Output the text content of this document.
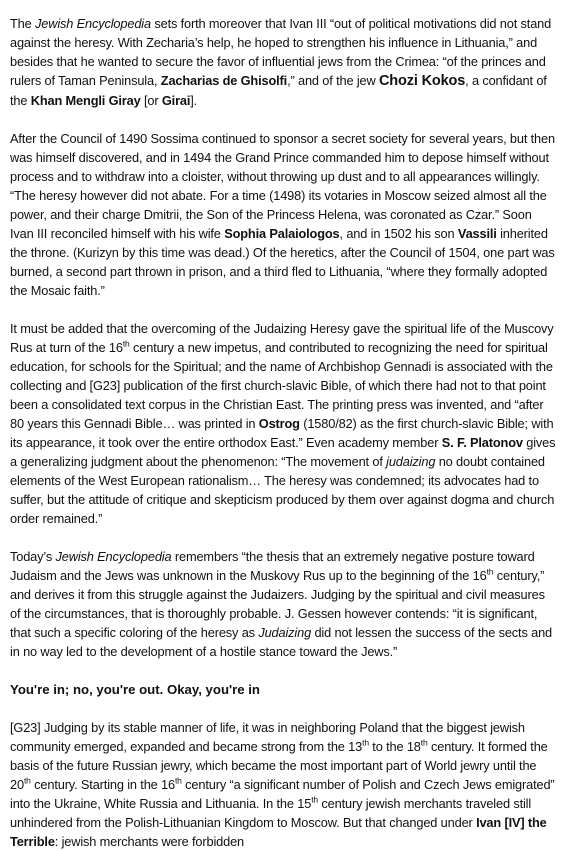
The Jewish Encyclopedia sets forth moreover that Ivan III “out of political motivations did not stand against the heresy. With Zecharia’s help, he hoped to strengthen his influence in Lithuania,” and besides that he wanted to secure the favor of influential jews from the Crimea: “of the princes and rulers of Taman Peninsula, Zacharias de Ghisolfi,” and of the jew Chozi Kokos, a confidant of the Khan Mengli Giray [or Girai].

After the Council of 1490 Sossima continued to sponsor a secret society for several years, but then was himself discovered, and in 1494 the Grand Prince commanded him to depose himself without process and to withdraw into a cloister, without throwing up dust and to all appearances willingly. “The heresy however did not abate. For a time (1498) its votaries in Moscow seized almost all the power, and their charge Dmitrii, the Son of the Princess Helena, was coronated as Czar.” Soon Ivan III reconciled himself with his wife Sophia Palaiologos, and in 1502 his son Vassili inherited the throne. (Kurizyn by this time was dead.) Of the heretics, after the Council of 1504, one part was burned, a second part thrown in prison, and a third fled to Lithuania, “where they formally adopted the Mosaic faith.”

It must be added that the overcoming of the Judaizing Heresy gave the spiritual life of the Muscovy Rus at turn of the 16th century a new impetus, and contributed to recognizing the need for spiritual education, for schools for the Spiritual; and the name of Archbishop Gennadi is associated with the collecting and [G23] publication of the first church-slavic Bible, of which there had not to that point been a consolidated text corpus in the Christian East. The printing press was invented, and “after 80 years this Gennadi Bible… was printed in Ostrog (1580/82) as the first church-slavic Bible; with its appearance, it took over the entire orthodox East.” Even academy member S. F. Platonov gives a generalizing judgment about the phenomenon: “The movement of judaizing no doubt contained elements of the West European rationalism… The heresy was condemned; its advocates had to suffer, but the attitude of critique and skepticism produced by them over against dogma and church order remained.”

Today’s Jewish Encyclopedia remembers “the thesis that an extremely negative posture toward Judaism and the Jews was unknown in the Muskovy Rus up to the beginning of the 16th century,” and derives it from this struggle against the Judaizers. Judging by the spiritual and civil measures of the circumstances, that is thoroughly probable. J. Gessen however contends: “it is significant, that such a specific coloring of the heresy as Judaizing did not lessen the success of the sects and in no way led to the development of a hostile stance toward the Jews.”

You're in; no, you're out. Okay, you're in

[G23] Judging by its stable manner of life, it was in neighboring Poland that the biggest jewish community emerged, expanded and became strong from the 13th to the 18th century. It formed the basis of the future Russian jewry, which became the most important part of World jewry until the 20th century. Starting in the 16th century “a significant number of Polish and Czech Jews emigrated” into the Ukraine, White Russia and Lithuania. In the 15th century jewish merchants traveled still unhindered from the Polish-Lithuanian Kingdom to Moscow. But that changed under Ivan [IV] the Terrible: jewish merchants were forbidden
